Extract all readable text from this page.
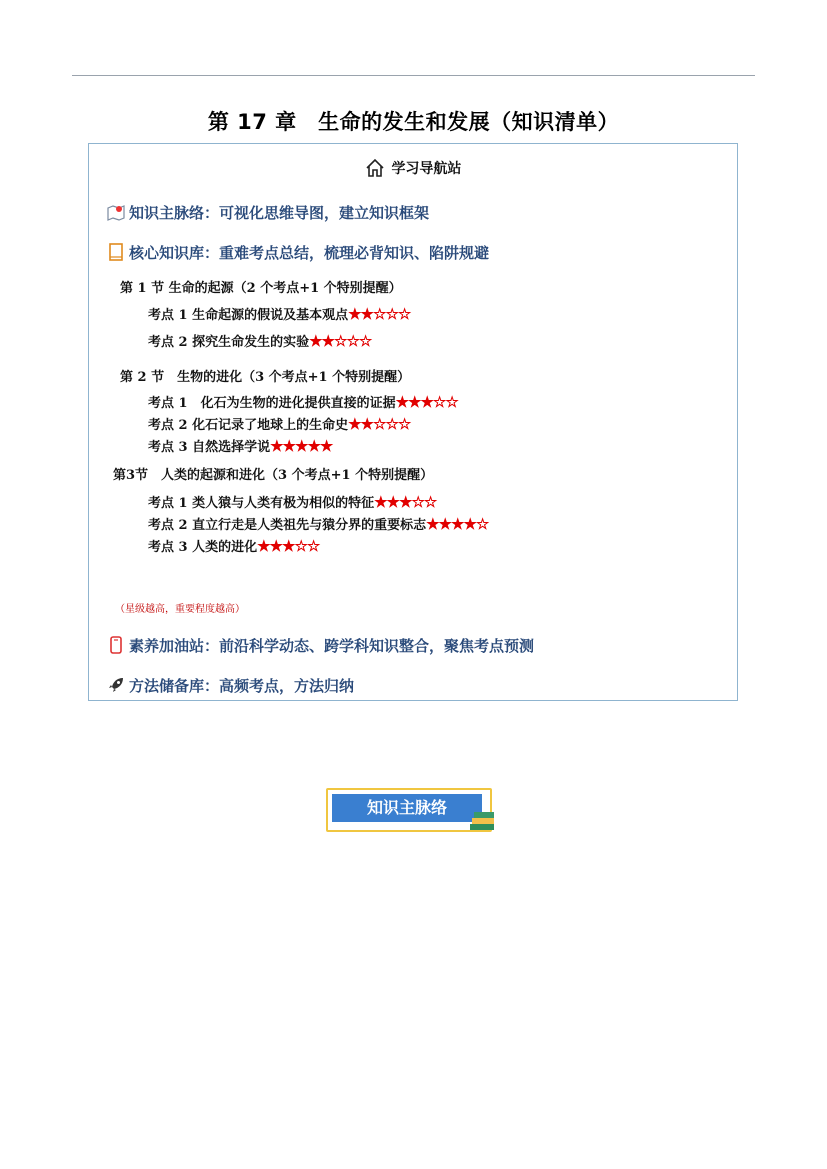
第 17 章　生命的发生和发展（知识清单）
学习导航站
知识主脉络：可视化思维导图，建立知识框架
核心知识库：重难考点总结，梳理必背知识、陷阱规避
第 1 节 生命的起源（2 个考点+1 个特别提醒）
考点 1 生命起源的假说及基本观点★★☆☆☆
考点 2 探究生命发生的实验★★☆☆☆
第 2 节　生物的进化（3 个考点+1 个特别提醒）
考点 1　化石为生物的进化提供直接的证据★★★☆☆
考点 2 化石记录了地球上的生命史★★☆☆☆
考点 3 自然选择学说★★★★★
第3节　人类的起源和进化（3 个考点+1 个特别提醒）
考点 1 类人猿与人类有极为相似的特征★★★☆☆
考点 2 直立行走是人类祖先与猿分界的重要标志★★★★☆
考点 3 人类的进化★★★☆☆
（星级越高，重要程度越高）
素养加油站：前沿科学动态、跨学科知识整合，聚焦考点预测
方法储备库：高频考点，方法归纳
知识主脉络
